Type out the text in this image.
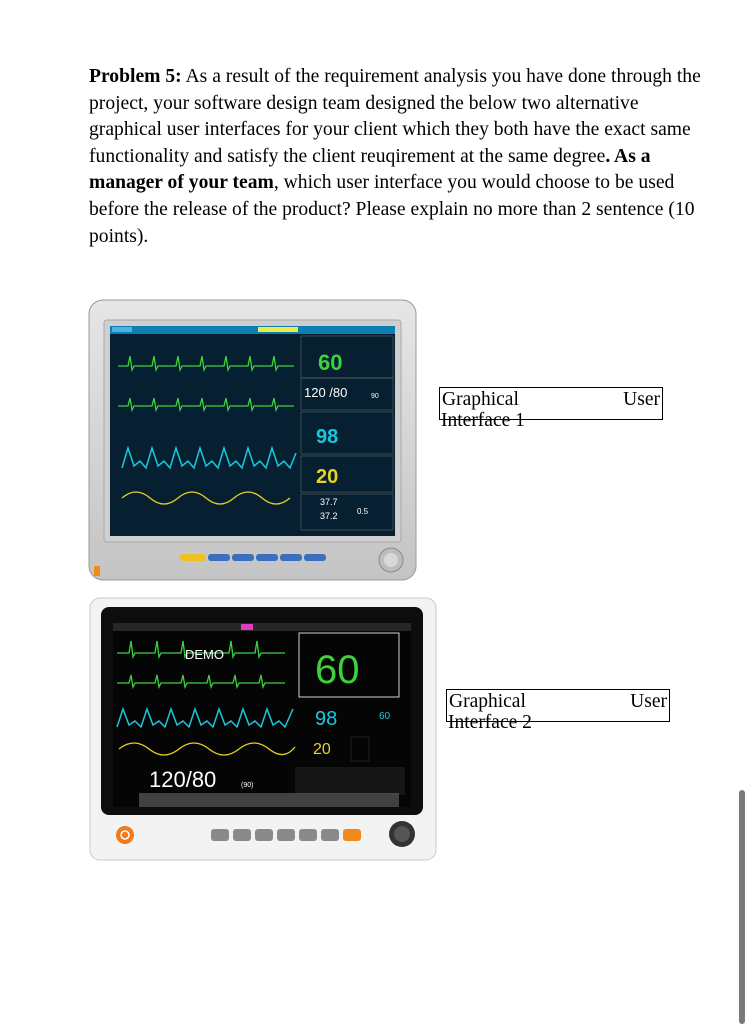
Problem 5: As a result of the requirement analysis you have done through the project, your software design team designed the below two alternative graphical user interfaces for your client which they both have the exact same functionality and satisfy the client reuqirement at the same degree. As a manager of your team, which user interface you would choose to be used before the release of the product? Please explain no more than 2 sentence (10 points).
60
120 /80	90
98
20
37.7
37.2 0.5
DEMO 60
98	60
20
120/80	(90)
Graphical	User
Interface 1
Graphical	User
Interface 2
